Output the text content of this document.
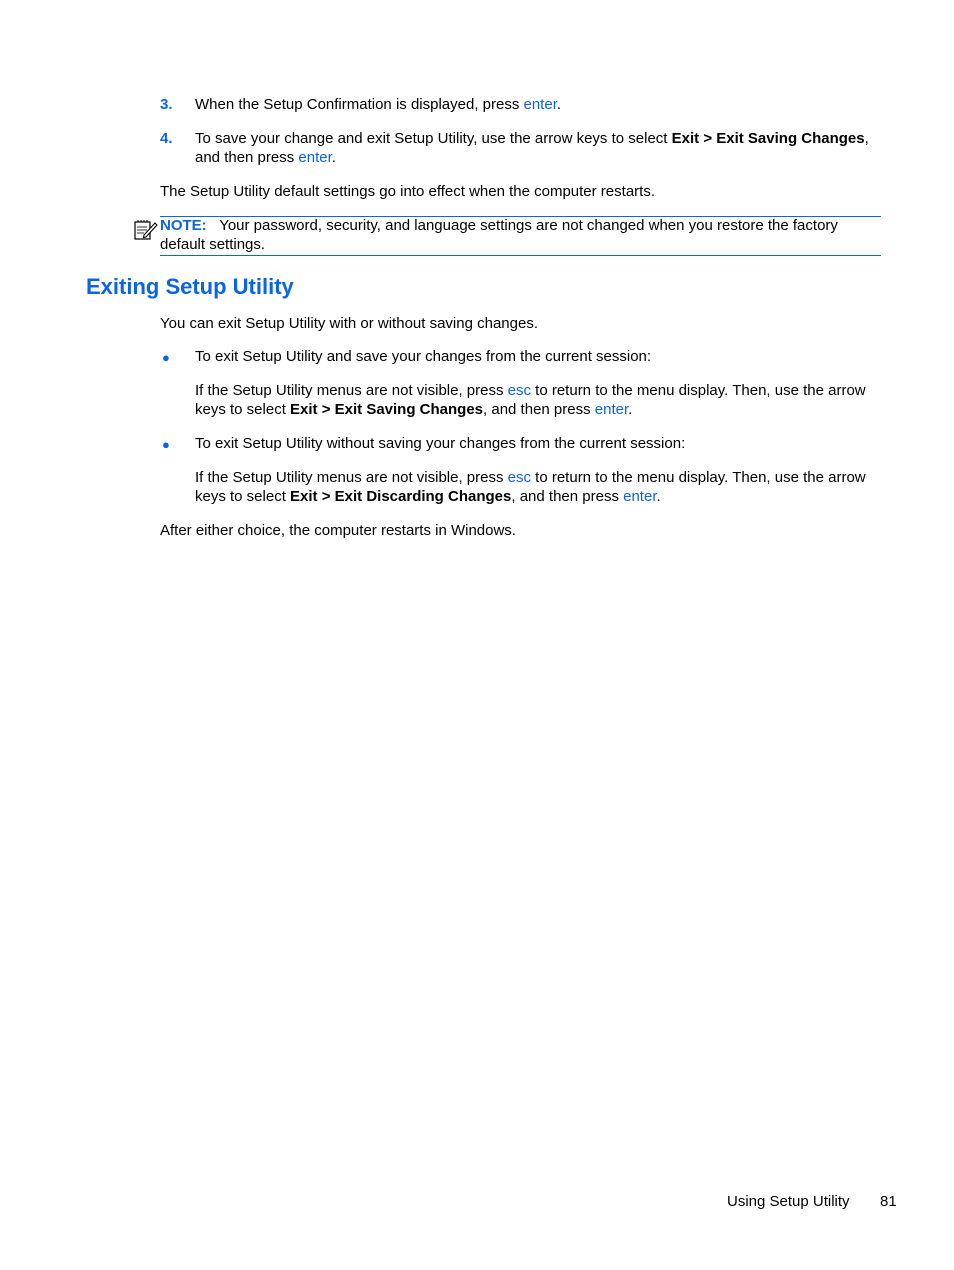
3. When the Setup Confirmation is displayed, press enter.
4. To save your change and exit Setup Utility, use the arrow keys to select Exit > Exit Saving Changes, and then press enter.
The Setup Utility default settings go into effect when the computer restarts.
NOTE: Your password, security, and language settings are not changed when you restore the factory default settings.
Exiting Setup Utility
You can exit Setup Utility with or without saving changes.
● To exit Setup Utility and save your changes from the current session:
If the Setup Utility menus are not visible, press esc to return to the menu display. Then, use the arrow keys to select Exit > Exit Saving Changes, and then press enter.
● To exit Setup Utility without saving your changes from the current session:
If the Setup Utility menus are not visible, press esc to return to the menu display. Then, use the arrow keys to select Exit > Exit Discarding Changes, and then press enter.
After either choice, the computer restarts in Windows.
Using Setup Utility 81
